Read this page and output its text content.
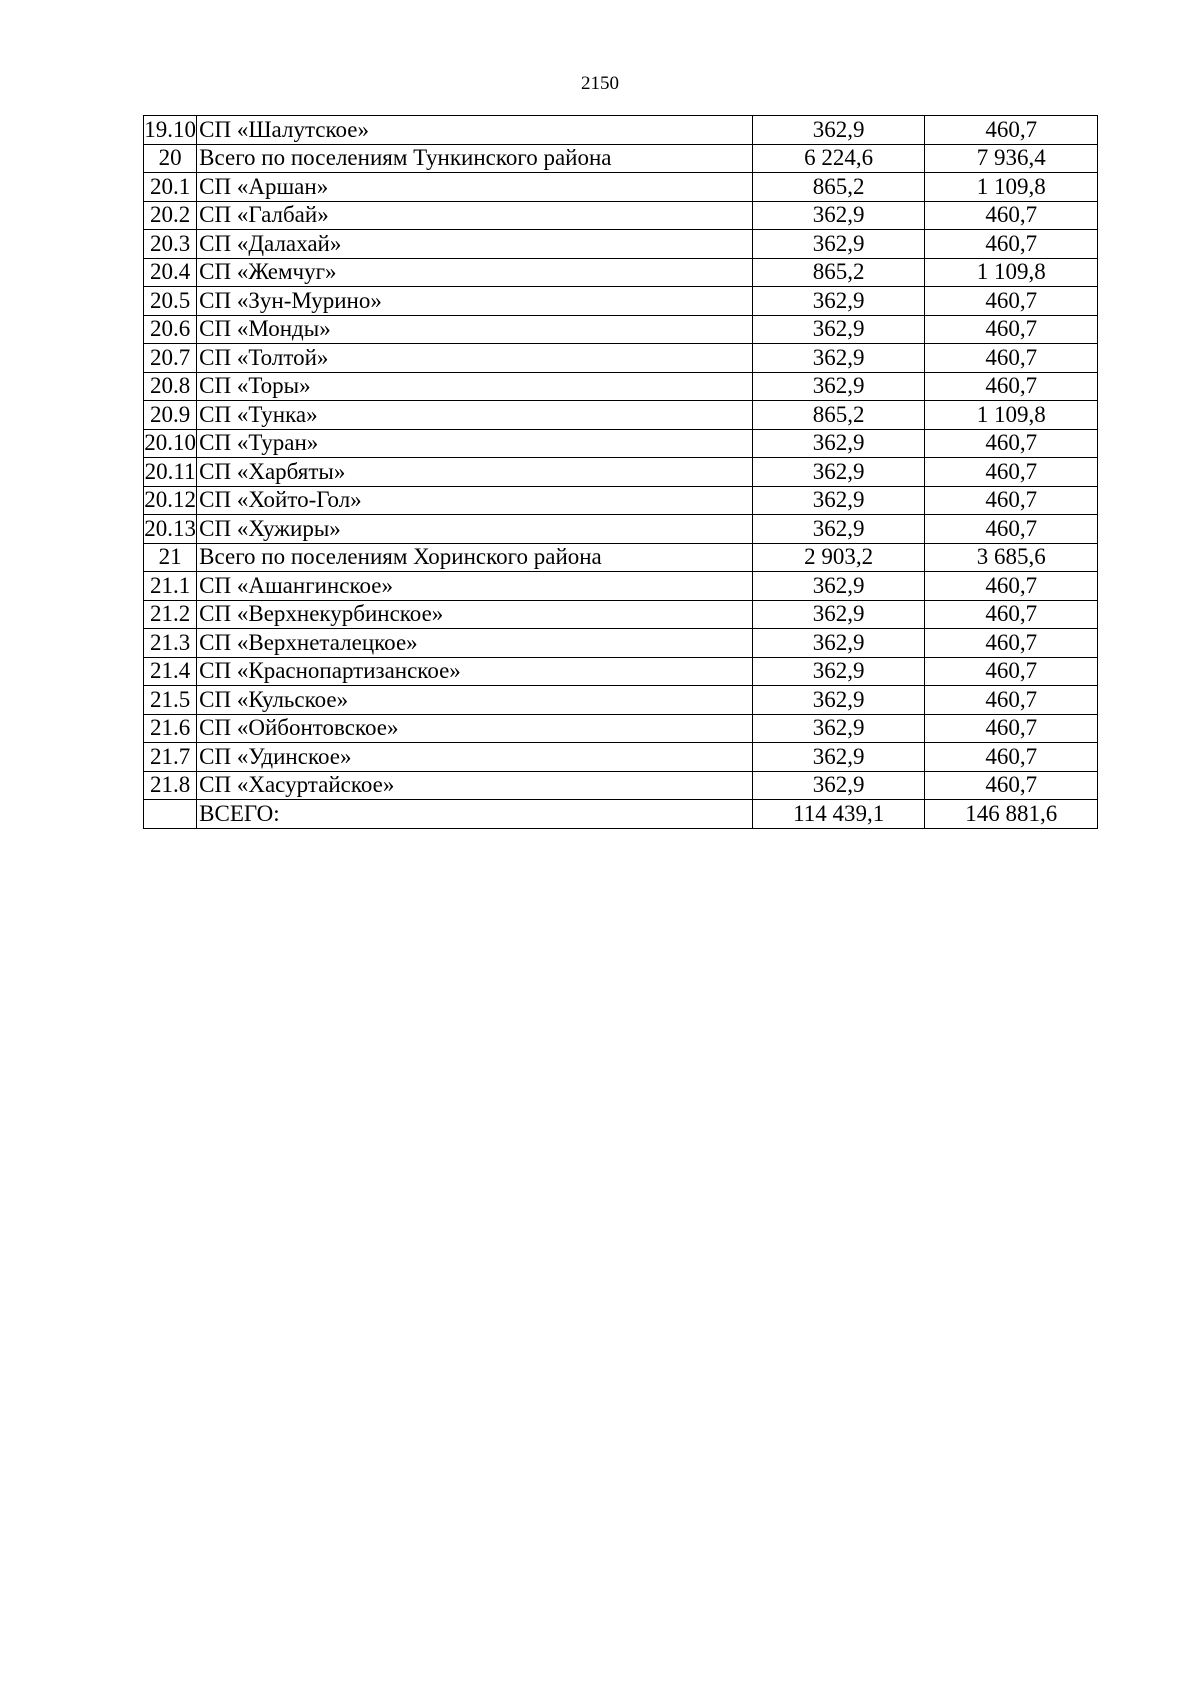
2150
19.10	СП «Шалутское»	362,9	460,7
20	Всего по поселениям Тункинского района	6 224,6	7 936,4
20.1	СП «Аршан»	865,2	1 109,8
20.2	СП «Галбай»	362,9	460,7
20.3	СП «Далахай»	362,9	460,7
20.4	СП «Жемчуг»	865,2	1 109,8
20.5	СП «Зун-Мурино»	362,9	460,7
20.6	СП «Монды»	362,9	460,7
20.7	СП «Толтой»	362,9	460,7
20.8	СП «Торы»	362,9	460,7
20.9	СП «Тунка»	865,2	1 109,8
20.10	СП «Туран»	362,9	460,7
20.11	СП «Харбяты»	362,9	460,7
20.12	СП «Хойто-Гол»	362,9	460,7
20.13	СП «Хужиры»	362,9	460,7
21	Всего по поселениям Хоринского района	2 903,2	3 685,6
21.1	СП «Ашангинское»	362,9	460,7
21.2	СП «Верхнекурбинское»	362,9	460,7
21.3	СП «Верхнеталецкое»	362,9	460,7
21.4	СП «Краснопартизанское»	362,9	460,7
21.5	СП «Кульское»	362,9	460,7
21.6	СП «Ойбонтовское»	362,9	460,7
21.7	СП «Удинское»	362,9	460,7
21.8	СП «Хасуртайское»	362,9	460,7
	ВСЕГО:	114 439,1	146 881,6
